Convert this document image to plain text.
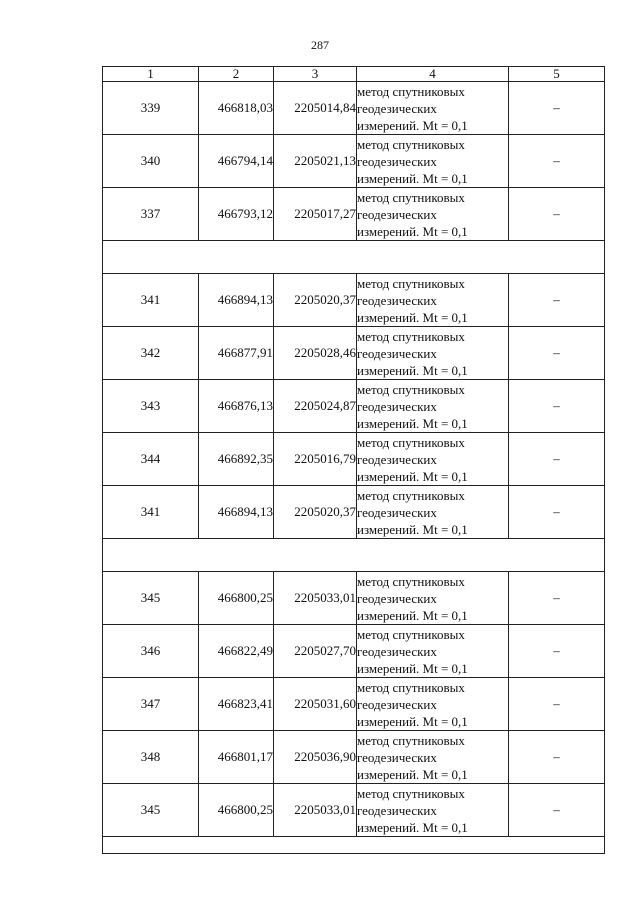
287
1	2	3	4	5
339	466818,03	2205014,84	метод спутниковых
геодезических
измерений. Mt = 0,1	–
340	466794,14	2205021,13	метод спутниковых
геодезических
измерений. Mt = 0,1	–
337	466793,12	2205017,27	метод спутниковых
геодезических
измерений. Mt = 0,1	–

341	466894,13	2205020,37	метод спутниковых
геодезических
измерений. Mt = 0,1	–
342	466877,91	2205028,46	метод спутниковых
геодезических
измерений. Mt = 0,1	–
343	466876,13	2205024,87	метод спутниковых
геодезических
измерений. Mt = 0,1	–
344	466892,35	2205016,79	метод спутниковых
геодезических
измерений. Mt = 0,1	–
341	466894,13	2205020,37	метод спутниковых
геодезических
измерений. Mt = 0,1	–

345	466800,25	2205033,01	метод спутниковых
геодезических
измерений. Mt = 0,1	–
346	466822,49	2205027,70	метод спутниковых
геодезических
измерений. Mt = 0,1	–
347	466823,41	2205031,60	метод спутниковых
геодезических
измерений. Mt = 0,1	–
348	466801,17	2205036,90	метод спутниковых
геодезических
измерений. Mt = 0,1	–
345	466800,25	2205033,01	метод спутниковых
геодезических
измерений. Mt = 0,1	–
